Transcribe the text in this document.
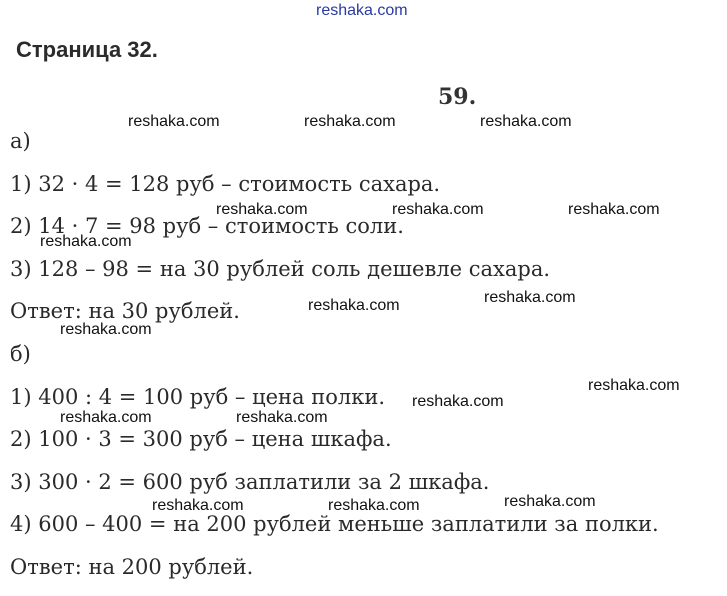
reshaka.com
Страница 32.
59.
а)
1) 32 · 4 = 128 руб – стоимость сахара.
2) 14 · 7 = 98 руб – стоимость соли.
3) 128 – 98 = на 30 рублей соль дешевле сахара.
Ответ: на 30 рублей.
б)
1) 400 : 4 = 100 руб – цена полки.
2) 100 · 3 = 300 руб – цена шкафа.
3) 300 · 2 = 600 руб заплатили за 2 шкафа.
4) 600 – 400 = на 200 рублей меньше заплатили за полки.
Ответ: на 200 рублей.
reshaka.com	reshaka.com	reshaka.com
reshaka.com	reshaka.com	reshaka.com
reshaka.com
reshaka.com
reshaka.com
reshaka.com
reshaka.com
reshaka.com
reshaka.com	reshaka.com
reshaka.com
reshaka.com	reshaka.com
